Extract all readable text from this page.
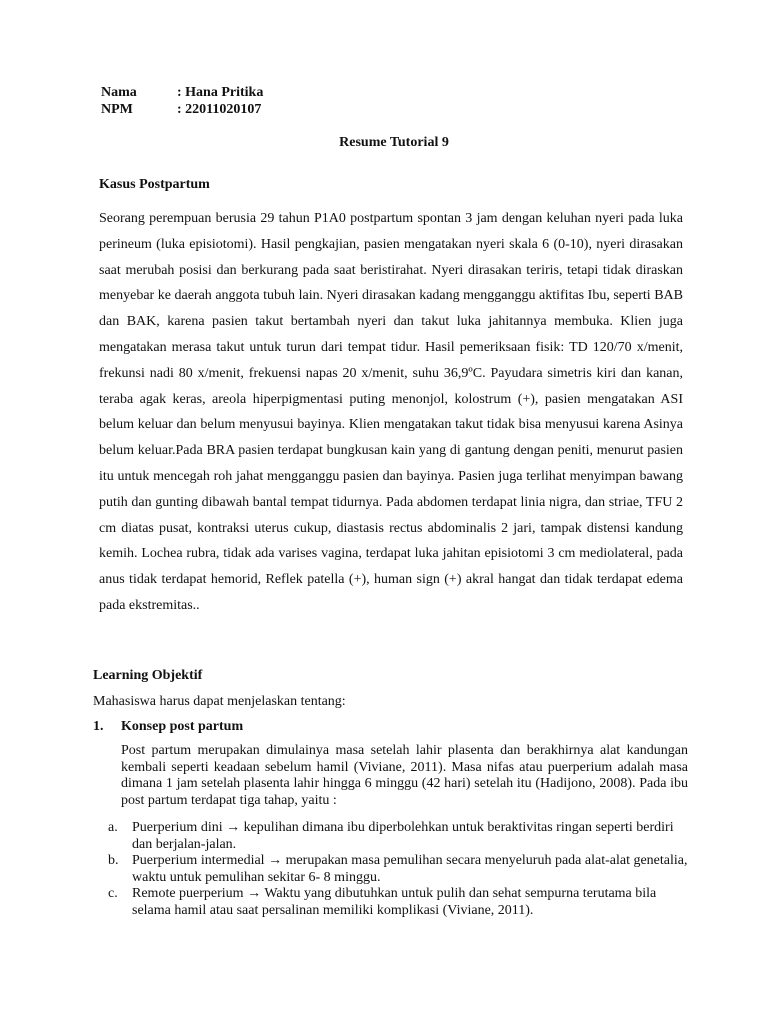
Nama	: Hana Pritika
NPM	: 22011020107
Resume Tutorial 9
Kasus Postpartum

Seorang perempuan berusia 29 tahun P1A0 postpartum spontan 3 jam dengan keluhan nyeri pada luka perineum (luka episiotomi). Hasil pengkajian, pasien mengatakan nyeri skala 6 (0-10), nyeri dirasakan saat merubah posisi dan berkurang pada saat beristirahat. Nyeri dirasakan teriris, tetapi tidak diraskan menyebar ke daerah anggota tubuh lain. Nyeri dirasakan kadang mengganggu aktifitas Ibu, seperti BAB dan BAK, karena pasien takut bertambah nyeri dan takut luka jahitannya membuka. Klien juga mengatakan merasa takut untuk turun dari tempat tidur. Hasil pemeriksaan fisik: TD 120/70 x/menit, frekunsi nadi 80 x/menit, frekuensi napas 20 x/menit, suhu 36,9ºC. Payudara simetris kiri dan kanan, teraba agak keras, areola hiperpigmentasi puting menonjol, kolostrum (+), pasien mengatakan ASI belum keluar dan belum menyusui bayinya. Klien mengatakan takut tidak bisa menyusui karena Asinya belum keluar.Pada BRA pasien terdapat bungkusan kain yang di gantung dengan peniti, menurut pasien itu untuk mencegah roh jahat mengganggu pasien dan bayinya. Pasien juga terlihat menyimpan bawang putih dan gunting dibawah bantal tempat tidurnya. Pada abdomen terdapat linia nigra, dan striae, TFU 2 cm diatas pusat, kontraksi uterus cukup, diastasis rectus abdominalis 2 jari, tampak distensi kandung kemih. Lochea rubra, tidak ada varises vagina, terdapat luka jahitan episiotomi 3 cm mediolateral, pada anus tidak terdapat hemorid, Reflek patella (+), human sign (+) akral hangat dan tidak terdapat edema pada ekstremitas..

Learning Objektif
Mahasiswa harus dapat menjelaskan tentang:
1. Konsep post partum

Post partum merupakan dimulainya masa setelah lahir plasenta dan berakhirnya alat kandungan kembali seperti keadaan sebelum hamil (Viviane, 2011). Masa nifas atau puerperium adalah masa dimana 1 jam setelah plasenta lahir hingga 6 minggu (42 hari) setelah itu (Hadijono, 2008). Pada ibu post partum terdapat tiga tahap, yaitu :

a. Puerperium dini → kepulihan dimana ibu diperbolehkan untuk beraktivitas ringan seperti berdiri dan berjalan-jalan.
b. Puerperium intermedial → merupakan masa pemulihan secara menyeluruh pada alat-alat genetalia, waktu untuk pemulihan sekitar 6- 8 minggu.
c. Remote puerperium → Waktu yang dibutuhkan untuk pulih dan sehat sempurna terutama bila selama hamil atau saat persalinan memiliki komplikasi (Viviane, 2011).
